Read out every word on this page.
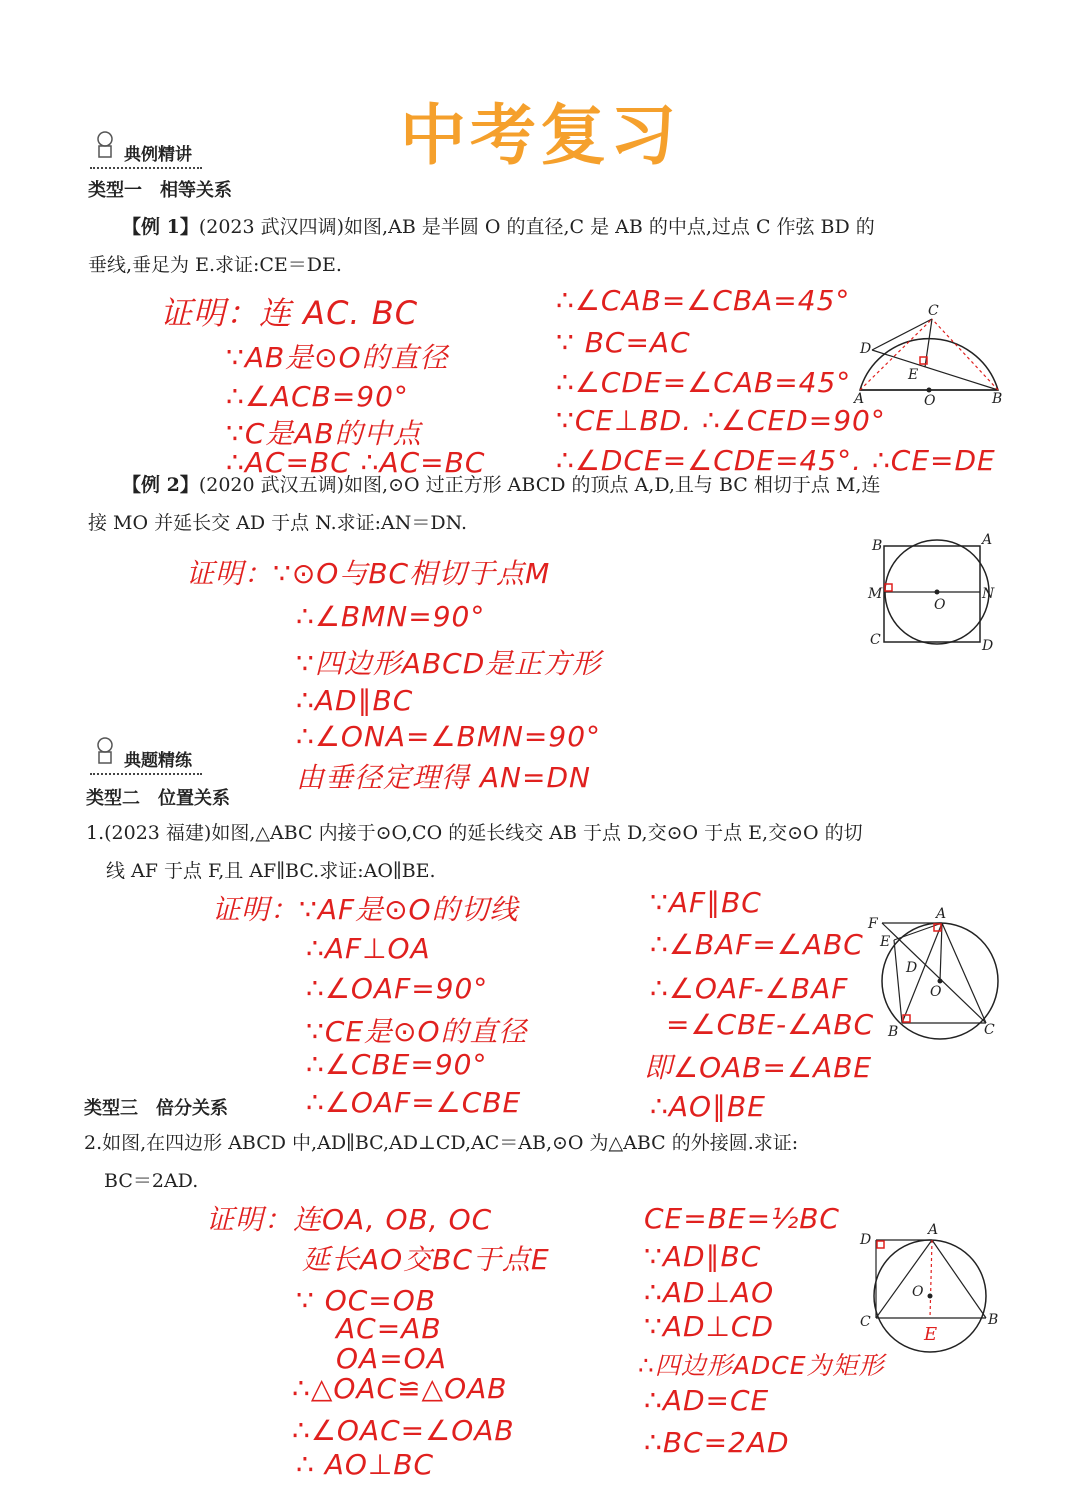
中考复习
典例精讲
类型一　相等关系
【例 1】(2023 武汉四调)如图,AB 是半圆 O 的直径,C 是 AB 的中点,过点 C 作弦 BD 的
垂线,垂足为 E.求证:CE＝DE.
证明：连 AC. BC
∵AB是⊙O的直径
∴∠ACB=90°
∵C是AB的中点
∴AC=BC ∴AC=BC
∴∠CAB=∠CBA=45°
∵ BC=AC
∴∠CDE=∠CAB=45°
∵CE⊥BD. ∴∠CED=90°
∴∠DCE=∠CDE=45°. ∴CE=DE
C
D
E
A	O	B
【例 2】(2020 武汉五调)如图,⊙O 过正方形 ABCD 的顶点 A,D,且与 BC 相切于点 M,连
接 MO 并延长交 AD 于点 N.求证:AN＝DN.
证明：∵⊙O与BC相切于点M
∴∠BMN=90°
∵四边形ABCD是正方形
∴AD∥BC
∴∠ONA=∠BMN=90°
由垂径定理得 AN=DN
B	A
M
O
N
C	D
典题精练
类型二　位置关系
1.(2023 福建)如图,△ABC 内接于⊙O,CO 的延长线交 AB 于点 D,交⊙O 于点 E,交⊙O 的切
线 AF 于点 F,且 AF∥BC.求证:AO∥BE.
证明：∵AF是⊙O的切线
∴AF⊥OA
∴∠OAF=90°
∵CE是⊙O的直径
∴∠CBE=90°
∴∠OAF=∠CBE
∵AF∥BC
∴∠BAF=∠ABC
∴∠OAF-∠BAF
=∠CBE-∠ABC
即∠OAB=∠ABE
∴AO∥BE
F
A
E
D
O
B	C
类型三　倍分关系
2.如图,在四边形 ABCD 中,AD∥BC,AD⊥CD,AC＝AB,⊙O 为△ABC 的外接圆.求证:
BC＝2AD.
证明：连OA, OB, OC
延长AO交BC于点E
∵ OC=OB
AC=AB
OA=OA
∴△OAC≌△OAB
∴∠OAC=∠OAB
∴ AO⊥BC
CE=BE=½BC
∵AD∥BC
∴AD⊥AO
∵AD⊥CD
∴四边形ADCE为矩形
∴AD=CE
∴BC=2AD
D
A
O
C	B
E
